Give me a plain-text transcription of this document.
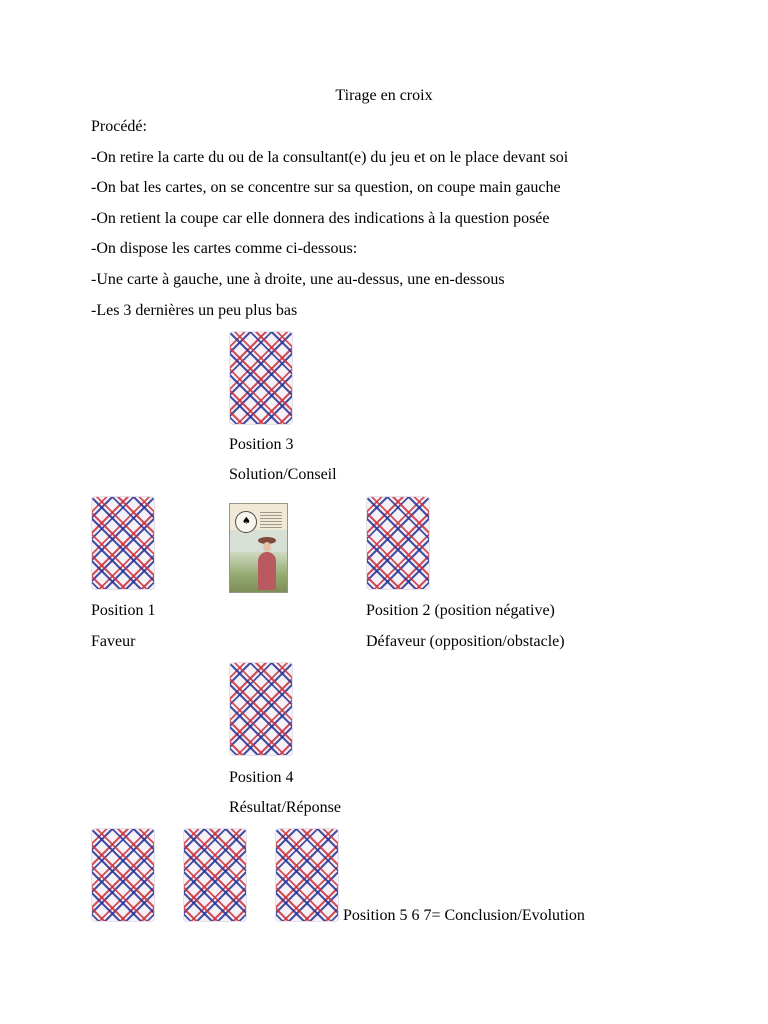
Tirage en croix
Procédé:
-On retire la carte du ou de la consultant(e) du jeu et on le place devant soi
-On bat les cartes, on se concentre sur sa question, on coupe main gauche
-On retient la coupe car elle donnera des indications à la question posée
-On dispose les cartes comme ci-dessous:
-Une carte à gauche, une à droite, une au-dessus, une en-dessous
-Les 3 dernières un peu plus bas
Position 3
Solution/Conseil
♠
Position 1
Faveur
Position 2 (position négative)
Défaveur (opposition/obstacle)
Position 4
Résultat/Réponse
Position 5 6 7= Conclusion/Evolution
